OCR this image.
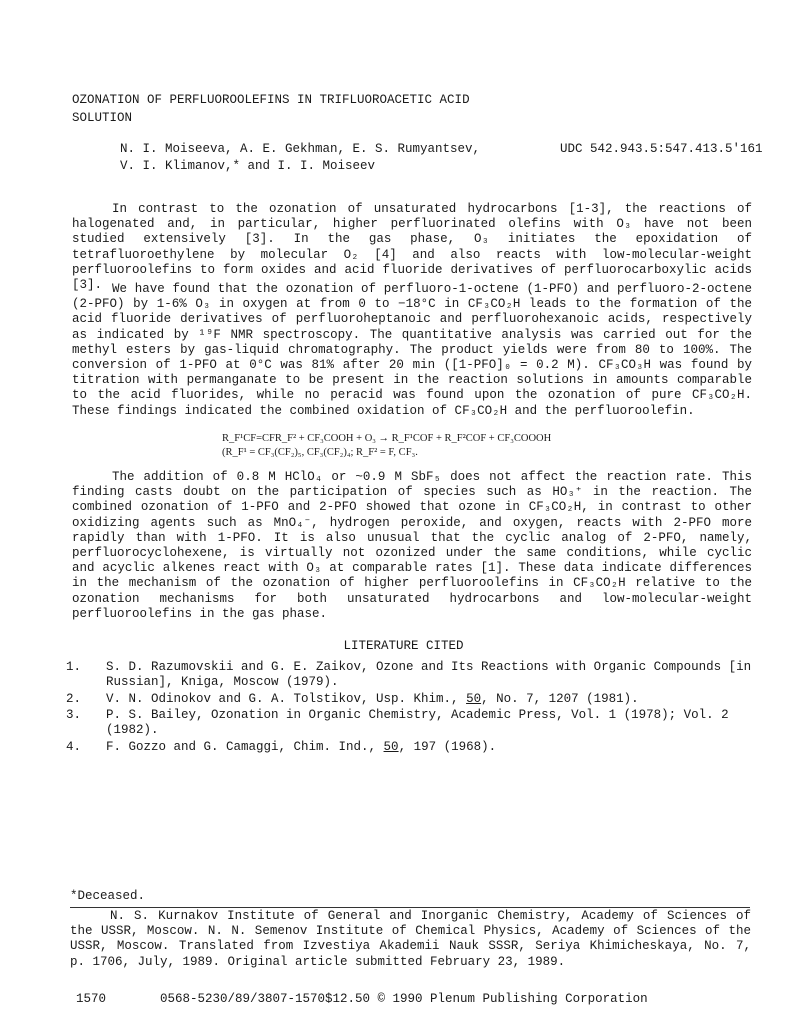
OZONATION OF PERFLUOROOLEFINS IN TRIFLUOROACETIC ACID
SOLUTION
N. I. Moiseeva, A. E. Gekhman, E. S. Rumyantsev,
V. I. Klimanov,* and I. I. Moiseev
UDC 542.943.5:547.413.5'161

In contrast to the ozonation of unsaturated hydrocarbons [1-3], the reactions of halogenated and, in particular, higher perfluorinated olefins with O₃ have not been studied extensively [3]. In the gas phase, O₃ initiates the epoxidation of tetrafluoroethylene by molecular O₂ [4] and also reacts with low-molecular-weight perfluoroolefins to form oxides and acid fluoride derivatives of perfluorocarboxylic acids [3]. We have found that the ozonation of perfluoro-1-octene (1-PFO) and perfluoro-2-octene (2-PFO) by 1-6% O₃ in oxygen at from 0 to −18°C in CF₃CO₂H leads to the formation of the acid fluoride derivatives of perfluoroheptanoic and perfluorohexanoic acids, respectively as indicated by ¹⁹F NMR spectroscopy. The quantitative analysis was carried out for the methyl esters by gas-liquid chromatography. The product yields were from 80 to 100%. The conversion of 1-PFO at 0°C was 81% after 20 min ([1-PFO]₀ = 0.2 M). CF₃CO₃H was found by titration with permanganate to be present in the reaction solutions in amounts comparable to the acid fluorides, while no peracid was found upon the ozonation of pure CF₃CO₂H. These findings indicated the combined oxidation of CF₃CO₂H and the perfluoroolefin.

R_F¹CF=CFR_F² + CF₃COOH + O₃ → R_F¹COF + R_F²COF + CF₃COOOH
(R_F¹ = CF₃(CF₂)₅, CF₃(CF₂)₄; R_F² = F, CF₃.

The addition of 0.8 M HClO₄ or ~0.9 M SbF₅ does not affect the reaction rate. This finding casts doubt on the participation of species such as HO₃⁺ in the reaction. The combined ozonation of 1-PFO and 2-PFO showed that ozone in CF₃CO₂H, in contrast to other oxidizing agents such as MnO₄⁻, hydrogen peroxide, and oxygen, reacts with 2-PFO more rapidly than with 1-PFO. It is also unusual that the cyclic analog of 2-PFO, namely, perfluorocyclohexene, is virtually not ozonized under the same conditions, while cyclic and acyclic alkenes react with O₃ at comparable rates [1]. These data indicate differences in the mechanism of the ozonation of higher perfluoroolefins in CF₃CO₂H relative to the ozonation mechanisms for both unsaturated hydrocarbons and low-molecular-weight perfluoroolefins in the gas phase.

LITERATURE CITED
1.	S. D. Razumovskii and G. E. Zaikov, Ozone and Its Reactions with Organic Compounds [in Russian], Kniga, Moscow (1979).
2.	V. N. Odinokov and G. A. Tolstikov, Usp. Khim., 50, No. 7, 1207 (1981).
3.	P. S. Bailey, Ozonation in Organic Chemistry, Academic Press, Vol. 1 (1978); Vol. 2 (1982).
4.	F. Gozzo and G. Camaggi, Chim. Ind., 50, 197 (1968).
*Deceased.

N. S. Kurnakov Institute of General and Inorganic Chemistry, Academy of Sciences of the USSR, Moscow. N. N. Semenov Institute of Chemical Physics, Academy of Sciences of the USSR, Moscow. Translated from Izvestiya Akademii Nauk SSSR, Seriya Khimicheskaya, No. 7, p. 1706, July, 1989. Original article submitted February 23, 1989.

1570	0568-5230/89/3807-1570$12.50 © 1990 Plenum Publishing Corporation
